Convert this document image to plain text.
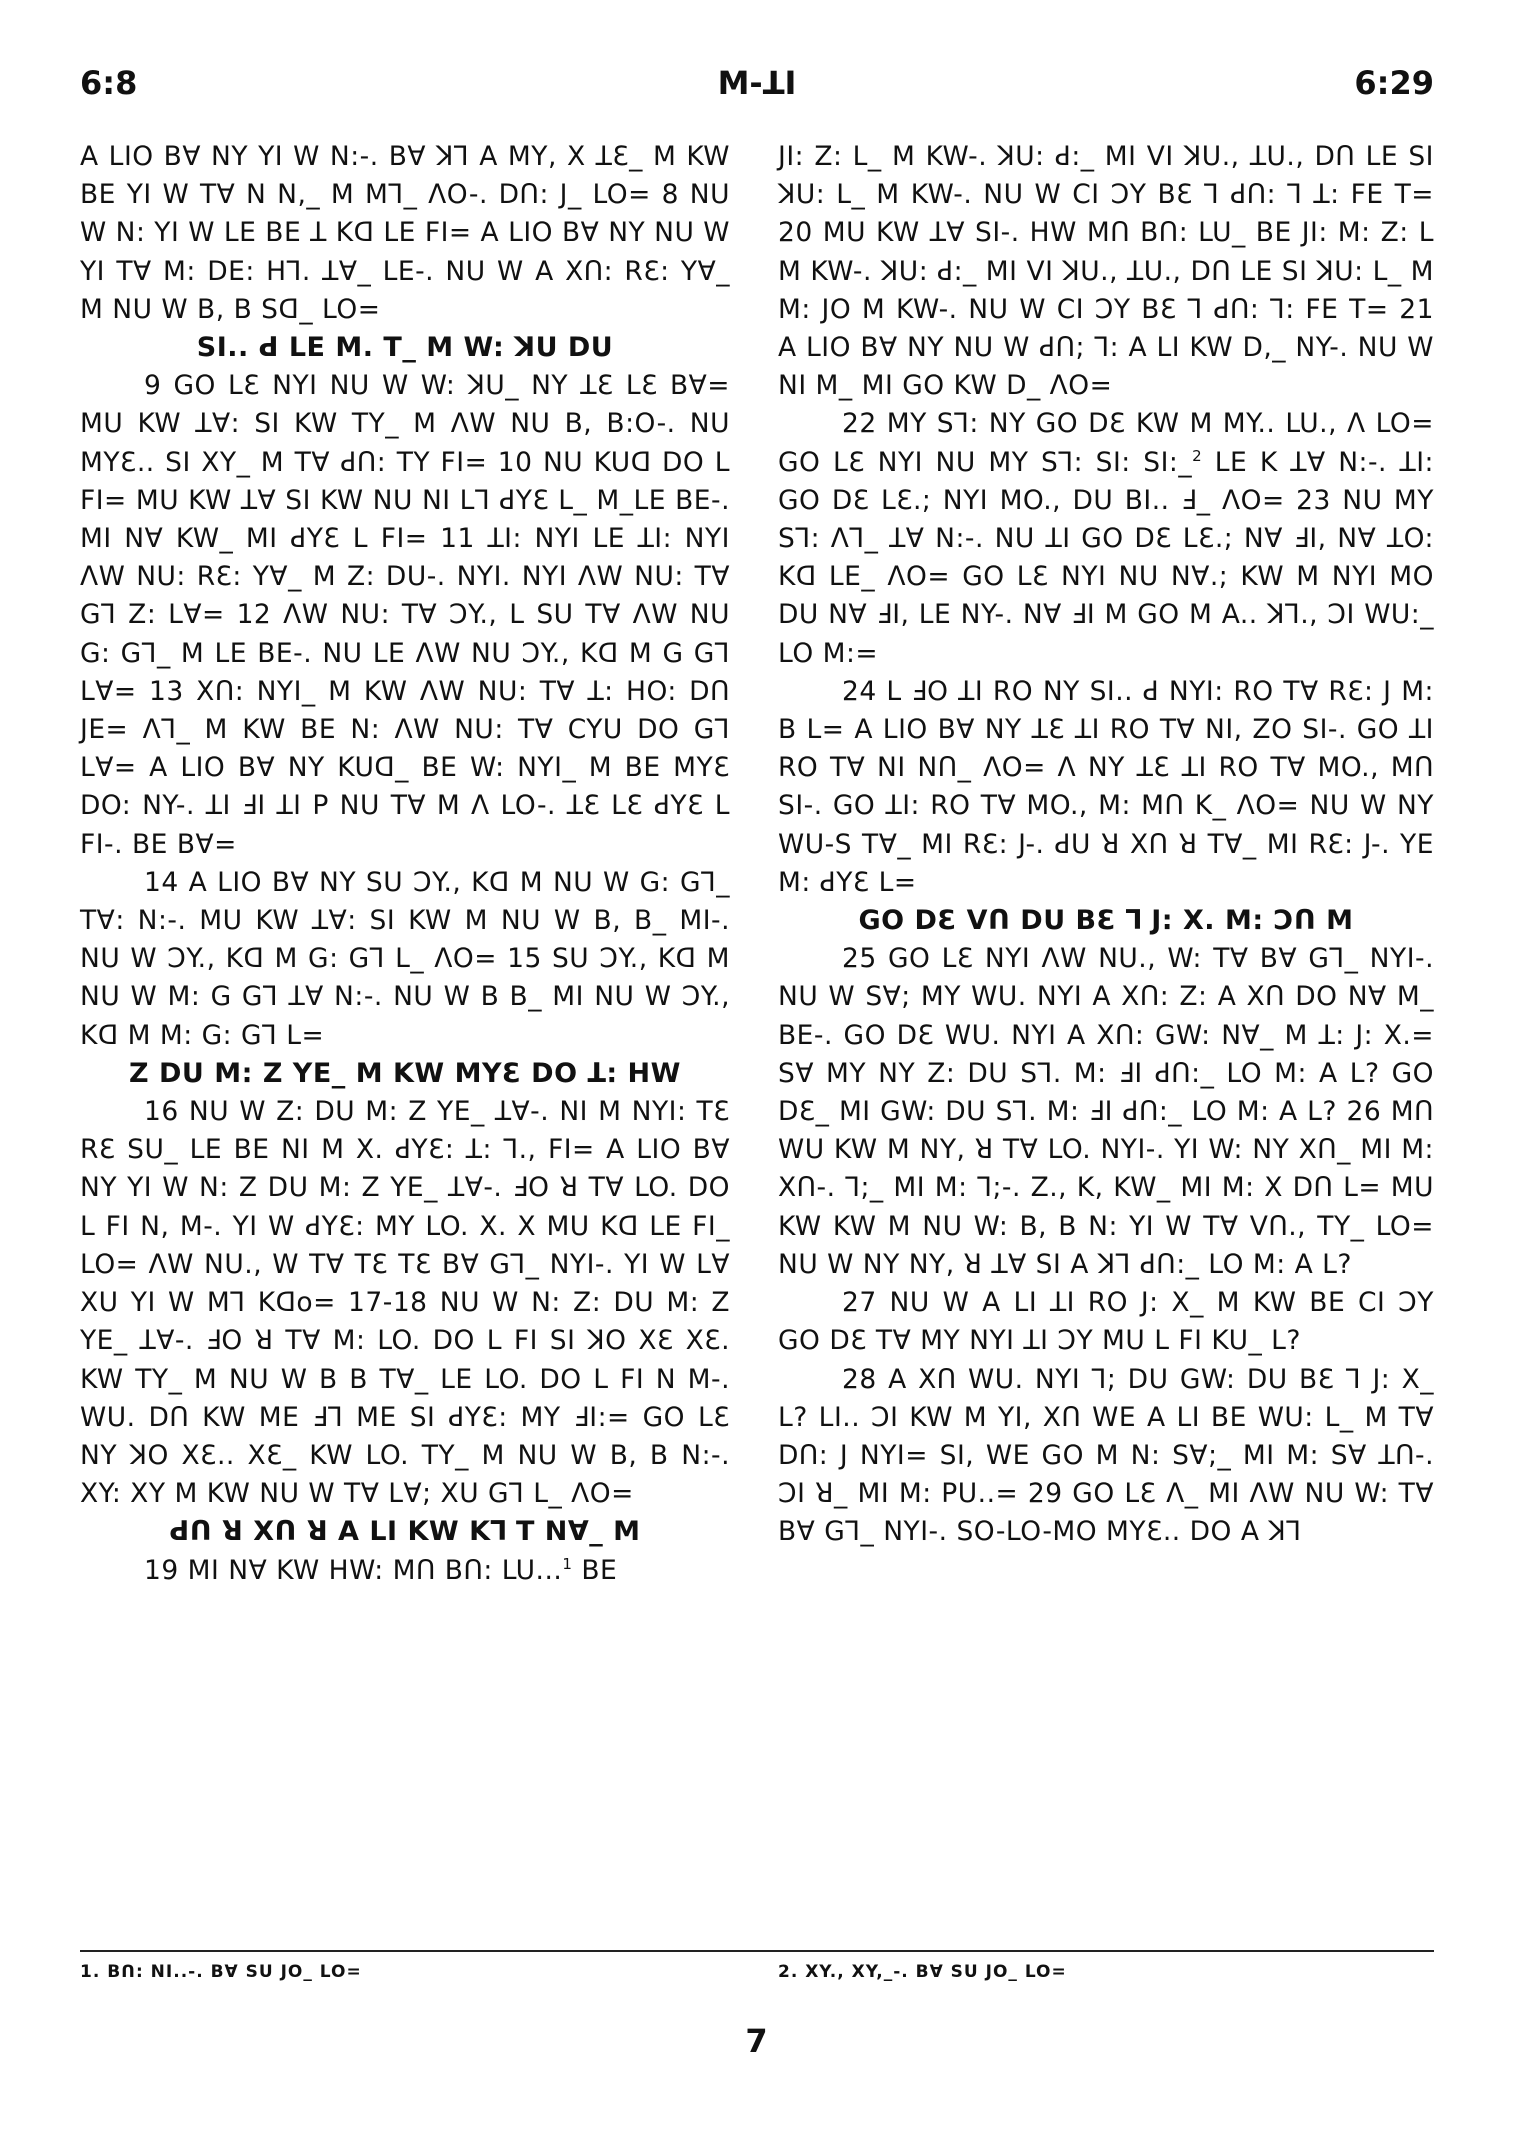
6:8	M-ꓕI	6:29

A LIO Bꓯ NY YI W N:-. Bꓯ ꓘꓶ A MY, X ꓕƐ_ M KW BE YI W Tꓯ N N,_ M Mꓶ_ ꓥO-. Dꓵ: J_ LO= 8 NU W N: YI W LE BE ꓕ Kꓷ LE FI= A LIO Bꓯ NY NU W YI Tꓯ M: DE: Hꓶ. ꓕꓯ_ LE-. NU W A Xꓵ: RƐ: Yꓯ_ M NU W B, B Sꓷ_ LO=

SI.. ꓒ LE M. T_ M W: ꓘU DU

9 GO LƐ NYI NU W W: ꓘU_ NY ꓕƐ LƐ Bꓯ= MU KW ꓕꓯ: SI KW TY_ M ꓥW NU B, B:O-. NU MYƐ.. SI XY_ M Tꓯ ꓒꓵ: TY FI= 10 NU KUꓷ DO L FI= MU KW ꓕꓯ SI KW NU NI Lꓶ ꓒYƐ L_ M_LE BE-. MI Nꓯ KW_ MI ꓒYƐ L FI= 11 ꓕI: NYI LE ꓕI: NYI ꓥW NU: RƐ: Yꓯ_ M Z: DU-. NYI. NYI ꓥW NU: Tꓯ Gꓶ Z: Lꓯ= 12 ꓥW NU: Tꓯ ƆY., L SU Tꓯ ꓥW NU G: Gꓶ_ M LE BE-. NU LE ꓥW NU ƆY., Kꓷ M G Gꓶ Lꓯ= 13 Xꓵ: NYI_ M KW ꓥW NU: Tꓯ ꓕ: HO: Dꓵ JE= ꓥꓶ_ M KW BE N: ꓥW NU: Tꓯ CYU DO Gꓶ Lꓯ= A LIO Bꓯ NY KUꓷ_ BE W: NYI_ M BE MYƐ DO: NY-. ꓕI ꓞI ꓕI P NU Tꓯ M ꓥ LO-. ꓕƐ LƐ ꓒYƐ L FI-. BE Bꓯ=

14 A LIO Bꓯ NY SU ƆY., Kꓷ M NU W G: Gꓶ_ Tꓯ: N:-. MU KW ꓕꓯ: SI KW M NU W B, B_ MI-. NU W ƆY., Kꓷ M G: Gꓶ L_ ꓥO= 15 SU ƆY., Kꓷ M NU W M: G Gꓶ ꓕꓯ N:-. NU W B B_ MI NU W ƆY., Kꓷ M M: G: Gꓶ L=

Z DU M: Z YE_ M KW MYƐ DO ꓕ: HW

16 NU W Z: DU M: Z YE_ ꓕꓯ-. NI M NYI: TƐ RƐ SU_ LE BE NI M X. ꓒYƐ: ꓕ: ꓶ., FI= A LIO Bꓯ NY YI W N: Z DU M: Z YE_ ꓕꓯ-. ꓞO ꓤ Tꓯ LO. DO L FI N, M-. YI W ꓒYƐ: MY LO. X. X MU Kꓷ LE FI_ LO= ꓥW NU., W Tꓯ TƐ TƐ Bꓯ Gꓶ_ NYI-. YI W Lꓯ XU YI W Mꓶ Kꓷo= 17-18 NU W N: Z: DU M: Z YE_ ꓕꓯ-. ꓞO ꓤ Tꓯ M: LO. DO L FI SI ꓘO XƐ XƐ. KW TY_ M NU W B B Tꓯ_ LE LO. DO L FI N M-. WU. Dꓵ KW ME ꓞꓶ ME SI ꓒYƐ: MY ꓞI:= GO LƐ NY ꓘO XƐ.. XƐ_ KW LO. TY_ M NU W B, B N:-. XY: XY M KW NU W Tꓯ Lꓯ; XU Gꓶ L_ ꓥO=

ꓒꓵ ꓤ Xꓵ ꓤ A LI KW Kꓶ T Nꓯ_ M

19 MI Nꓯ KW HW: Mꓵ Bꓵ: LU...$^1$ BE

JI: Z: L_ M KW-. ꓘU: ꓒ:_ MI VI ꓘU., ꓕU., Dꓵ LE SI ꓘU: L_ M KW-. NU W CI ƆY BƐ ꓶ ꓒꓵ: ꓶ ꓕ: FE T= 20 MU KW ꓕꓯ SI-. HW Mꓵ Bꓵ: LU_ BE JI: M: Z: L M KW-. ꓘU: ꓒ:_ MI VI ꓘU., ꓕU., Dꓵ LE SI ꓘU: L_ M M: JO M KW-. NU W CI ƆY BƐ ꓶ ꓒꓵ: ꓶ: FE T= 21 A LIO Bꓯ NY NU W ꓒꓵ; ꓶ: A LI KW D,_ NY-. NU W NI M_ MI GO KW D_ ꓥO=

22 MY Sꓶ: NY GO DƐ KW M MY.. LU., ꓥ LO= GO LƐ NYI NU MY Sꓶ: SI: SI:_$^2$ LE K ꓕꓯ N:-. ꓕI: GO DƐ LƐ.; NYI MO., DU BI.. ꓞ_ ꓥO= 23 NU MY Sꓶ: ꓥꓶ_ ꓕꓯ N:-. NU ꓕI GO DƐ LƐ.; Nꓯ ꓞI, Nꓯ ꓕO: Kꓷ LE_ ꓥO= GO LƐ NYI NU Nꓯ.; KW M NYI MO DU Nꓯ ꓞI, LE NY-. Nꓯ ꓞI M GO M A.. ꓘꓶ., ƆI WU:_ LO M:=

24 L ꓞO ꓕI RO NY SI.. ꓒ NYI: RO Tꓯ RƐ: J M: B L= A LIO Bꓯ NY ꓕƐ ꓕI RO Tꓯ NI, ZO SI-. GO ꓕI RO Tꓯ NI Nꓵ_ ꓥO= ꓥ NY ꓕƐ ꓕI RO Tꓯ MO., Mꓵ SI-. GO ꓕI: RO Tꓯ MO., M: Mꓵ K_ ꓥO= NU W NY WU-S Tꓯ_ MI RƐ: J-. ꓒU ꓤ Xꓵ ꓤ Tꓯ_ MI RƐ: J-. YE M: ꓒYƐ L=

GO DƐ Vꓵ DU BƐ ꓶ J: X. M: Ɔꓵ M

25 GO LƐ NYI ꓥW NU., W: Tꓯ Bꓯ Gꓶ_ NYI-. NU W Sꓯ; MY WU. NYI A Xꓵ: Z: A Xꓵ DO Nꓯ M_ BE-. GO DƐ WU. NYI A Xꓵ: GW: Nꓯ_ M ꓕ: J: X.= Sꓯ MY NY Z: DU Sꓶ. M: ꓞI ꓒꓵ:_ LO M: A L? GO DƐ_ MI GW: DU Sꓶ. M: ꓞI ꓒꓵ:_ LO M: A L? 26 Mꓵ WU KW M NY, ꓤ Tꓯ LO. NYI-. YI W: NY Xꓵ_ MI M: Xꓵ-. ꓶ;_ MI M: ꓶ;-. Z., K, KW_ MI M: X Dꓵ L= MU KW KW M NU W: B, B N: YI W Tꓯ Vꓵ., TY_ LO= NU W NY NY, ꓤ ꓕꓯ SI A ꓘꓶ ꓒꓵ:_ LO M: A L?

27 NU W A LI ꓕI RO J: X_ M KW BE CI ƆY GO DƐ Tꓯ MY NYI ꓕI ƆY MU L FI KU_ L?

28 A Xꓵ WU. NYI ꓶ; DU GW: DU BƐ ꓶ J: X_ L? LI.. ƆI KW M YI, Xꓵ WE A LI BE WU: L_ M Tꓯ Dꓵ: J NYI= SI, WE GO M N: Sꓯ;_ MI M: Sꓯ ꓕꓵ-. ƆI ꓤ_ MI M: PU..= 29 GO LƐ ꓥ_ MI ꓥW NU W: Tꓯ Bꓯ Gꓶ_ NYI-. SO-LO-MO MYƐ.. DO A ꓘꓶ

1. Bꓵ: NI..-. Bꓯ SU JO_ LO=	2. XY., XY,_-. Bꓯ SU JO_ LO=
7
